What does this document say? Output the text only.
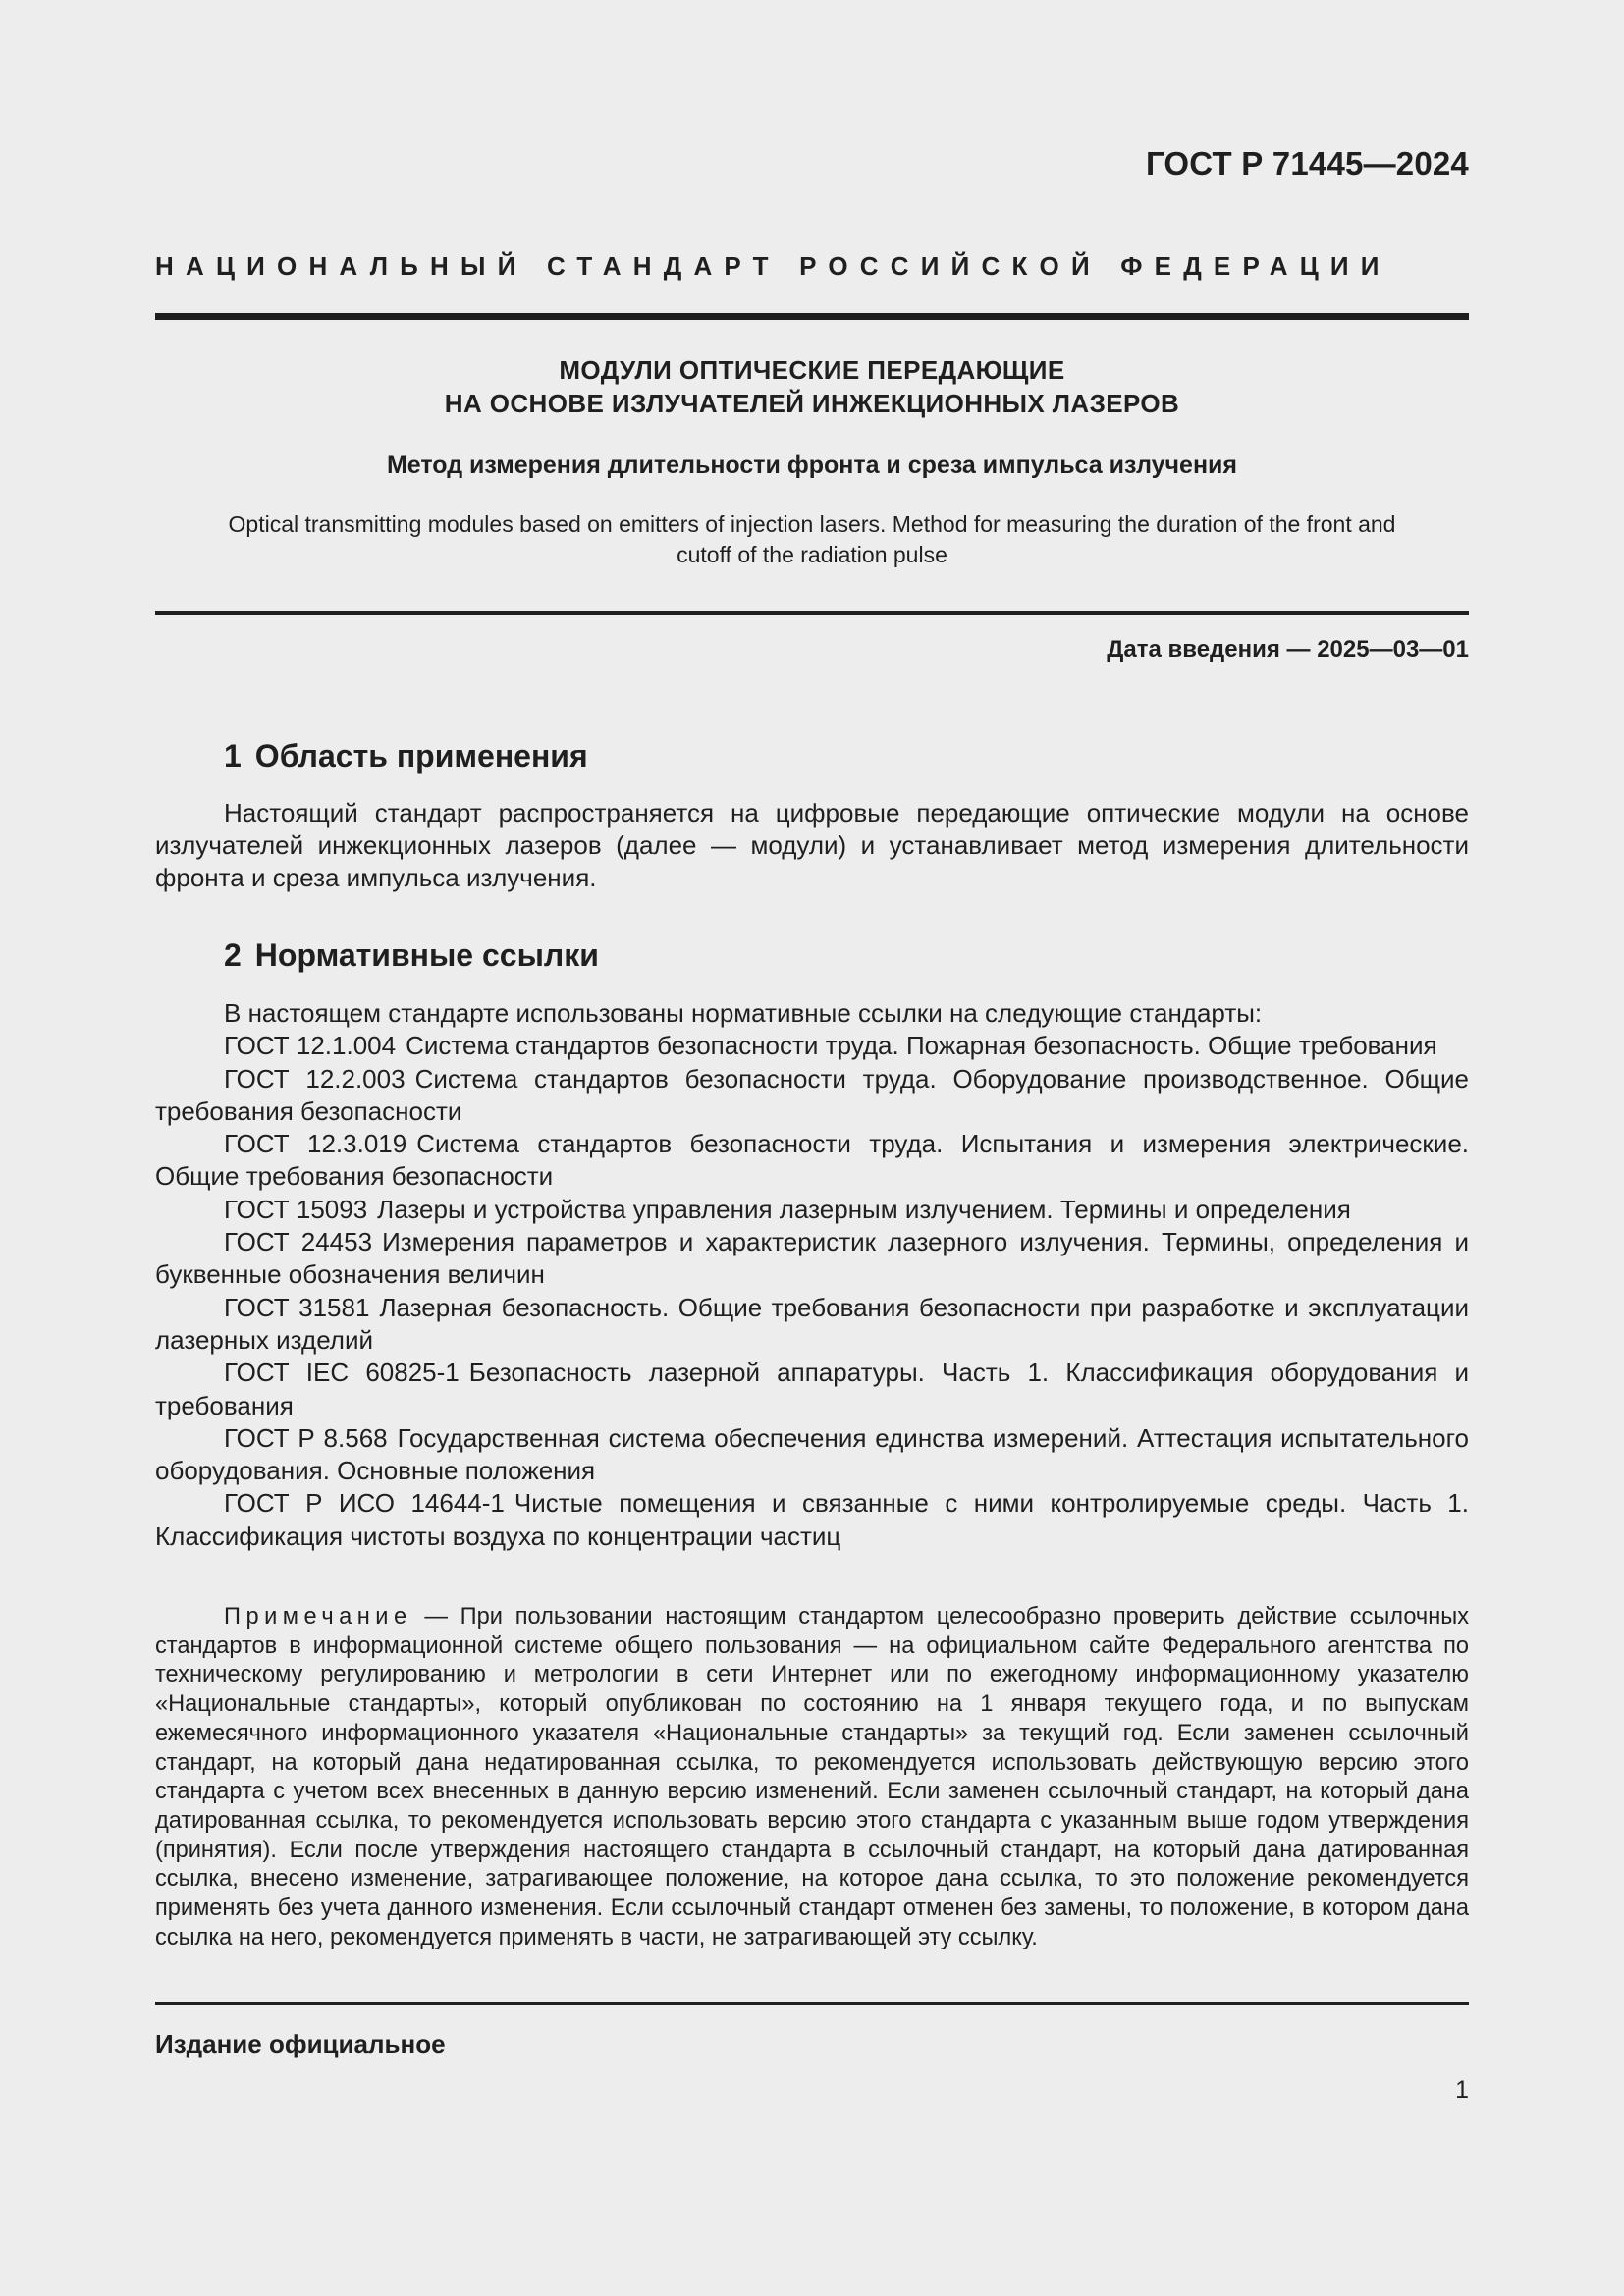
ГОСТ Р 71445—2024
НАЦИОНАЛЬНЫЙ СТАНДАРТ РОССИЙСКОЙ ФЕДЕРАЦИИ
МОДУЛИ ОПТИЧЕСКИЕ ПЕРЕДАЮЩИЕ
НА ОСНОВЕ ИЗЛУЧАТЕЛЕЙ ИНЖЕКЦИОННЫХ ЛАЗЕРОВ
Метод измерения длительности фронта и среза импульса излучения
Optical transmitting modules based on emitters of injection lasers. Method for measuring the duration of the front and
cutoff of the radiation pulse
Дата введения — 2025—03—01
1 Область применения
Настоящий стандарт распространяется на цифровые передающие оптические модули на основе излучателей инжекционных лазеров (далее — модули) и устанавливает метод измерения длительности фронта и среза импульса излучения.
2 Нормативные ссылки

В настоящем стандарте использованы нормативные ссылки на следующие стандарты:

ГОСТ 12.1.004 Система стандартов безопасности труда. Пожарная безопасность. Общие требования

ГОСТ 12.2.003 Система стандартов безопасности труда. Оборудование производственное. Общие требования безопасности

ГОСТ 12.3.019 Система стандартов безопасности труда. Испытания и измерения электрические. Общие требования безопасности

ГОСТ 15093 Лазеры и устройства управления лазерным излучением. Термины и определения

ГОСТ 24453 Измерения параметров и характеристик лазерного излучения. Термины, определения и буквенные обозначения величин

ГОСТ 31581 Лазерная безопасность. Общие требования безопасности при разработке и эксплуатации лазерных изделий

ГОСТ IEC 60825-1 Безопасность лазерной аппаратуры. Часть 1. Классификация оборудования и требования

ГОСТ Р 8.568 Государственная система обеспечения единства измерений. Аттестация испытательного оборудования. Основные положения

ГОСТ Р ИСО 14644-1 Чистые помещения и связанные с ними контролируемые среды. Часть 1. Классификация чистоты воздуха по концентрации частиц

Примечание — При пользовании настоящим стандартом целесообразно проверить действие ссылочных стандартов в информационной системе общего пользования — на официальном сайте Федерального агентства по техническому регулированию и метрологии в сети Интернет или по ежегодному информационному указателю «Национальные стандарты», который опубликован по состоянию на 1 января текущего года, и по выпускам ежемесячного информационного указателя «Национальные стандарты» за текущий год. Если заменен ссылочный стандарт, на который дана недатированная ссылка, то рекомендуется использовать действующую версию этого стандарта с учетом всех внесенных в данную версию изменений. Если заменен ссылочный стандарт, на который дана датированная ссылка, то рекомендуется использовать версию этого стандарта с указанным выше годом утверждения (принятия). Если после утверждения настоящего стандарта в ссылочный стандарт, на который дана датированная ссылка, внесено изменение, затрагивающее положение, на которое дана ссылка, то это положение рекомендуется применять без учета данного изменения. Если ссылочный стандарт отменен без замены, то положение, в котором дана ссылка на него, рекомендуется применять в части, не затрагивающей эту ссылку.
Издание официальное
1
